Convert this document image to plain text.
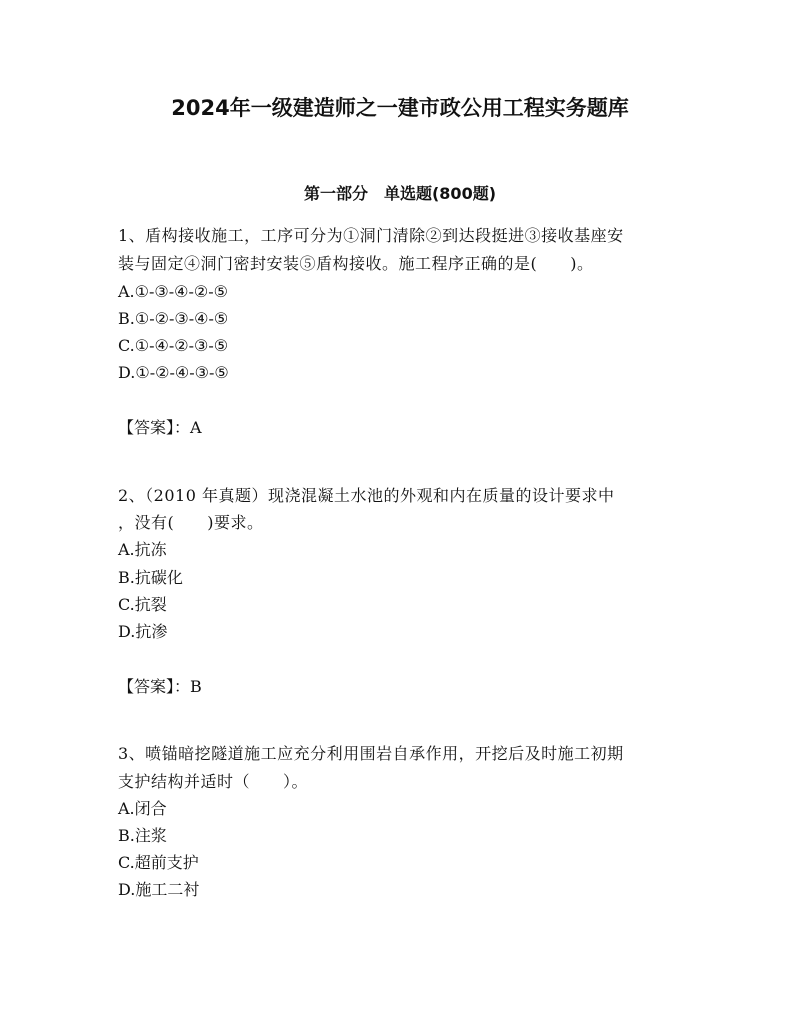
2024年一级建造师之一建市政公用工程实务题库
第一部分　单选题(800题)
1、盾构接收施工，工序可分为①洞门清除②到达段挺进③接收基座安
装与固定④洞门密封安装⑤盾构接收。施工程序正确的是(　　)。
A.①-③-④-②-⑤
B.①-②-③-④-⑤
C.①-④-②-③-⑤
D.①-②-④-③-⑤
【答案】：A
2、（2010 年真题）现浇混凝土水池的外观和内在质量的设计要求中
，没有(　　)要求。
A.抗冻
B.抗碳化
C.抗裂
D.抗渗
【答案】：B
3、喷锚暗挖隧道施工应充分利用围岩自承作用，开挖后及时施工初期
支护结构并适时（　　）。
A.闭合
B.注浆
C.超前支护
D.施工二衬
